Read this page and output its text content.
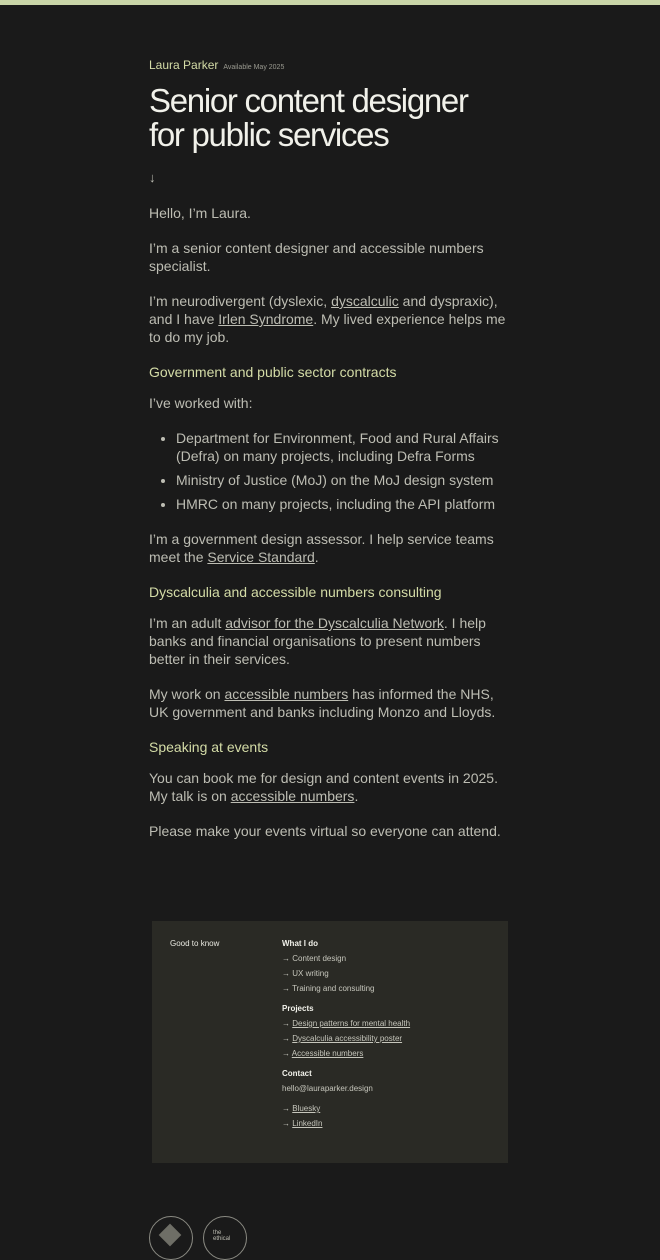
Laura Parker Available May 2025
Senior content designer
for public services
↓

Hello, I’m Laura.

I’m a senior content designer and accessible numbers specialist.

I’m neurodivergent (dyslexic, dyscalculic and dyspraxic), and I have Irlen Syndrome. My lived experience helps me to do my job.

Government and public sector contracts

I’ve worked with:

• Department for Environment, Food and Rural Affairs (Defra) on many projects, including Defra Forms
• Ministry of Justice (MoJ) on the MoJ design system
• HMRC on many projects, including the API platform

I’m a government design assessor. I help service teams meet the Service Standard.

Dyscalculia and accessible numbers consulting

I’m an adult advisor for the Dyscalculia Network. I help banks and financial organisations to present numbers better in their services.

My work on accessible numbers has informed the NHS, UK government and banks including Monzo and Lloyds.

Speaking at events

You can book me for design and content events in 2025. My talk is on accessible numbers.

Please make your events virtual so everyone can attend.

Good to know	What I do
→ Content design
→ UX writing
→ Training and consulting
Projects
→ Design patterns for mental health
→ Dyscalculia accessibility poster
→ Accessible numbers
Contact
hello@lauraparker.design
→ Bluesky
→ LinkedIn
the
ethical
